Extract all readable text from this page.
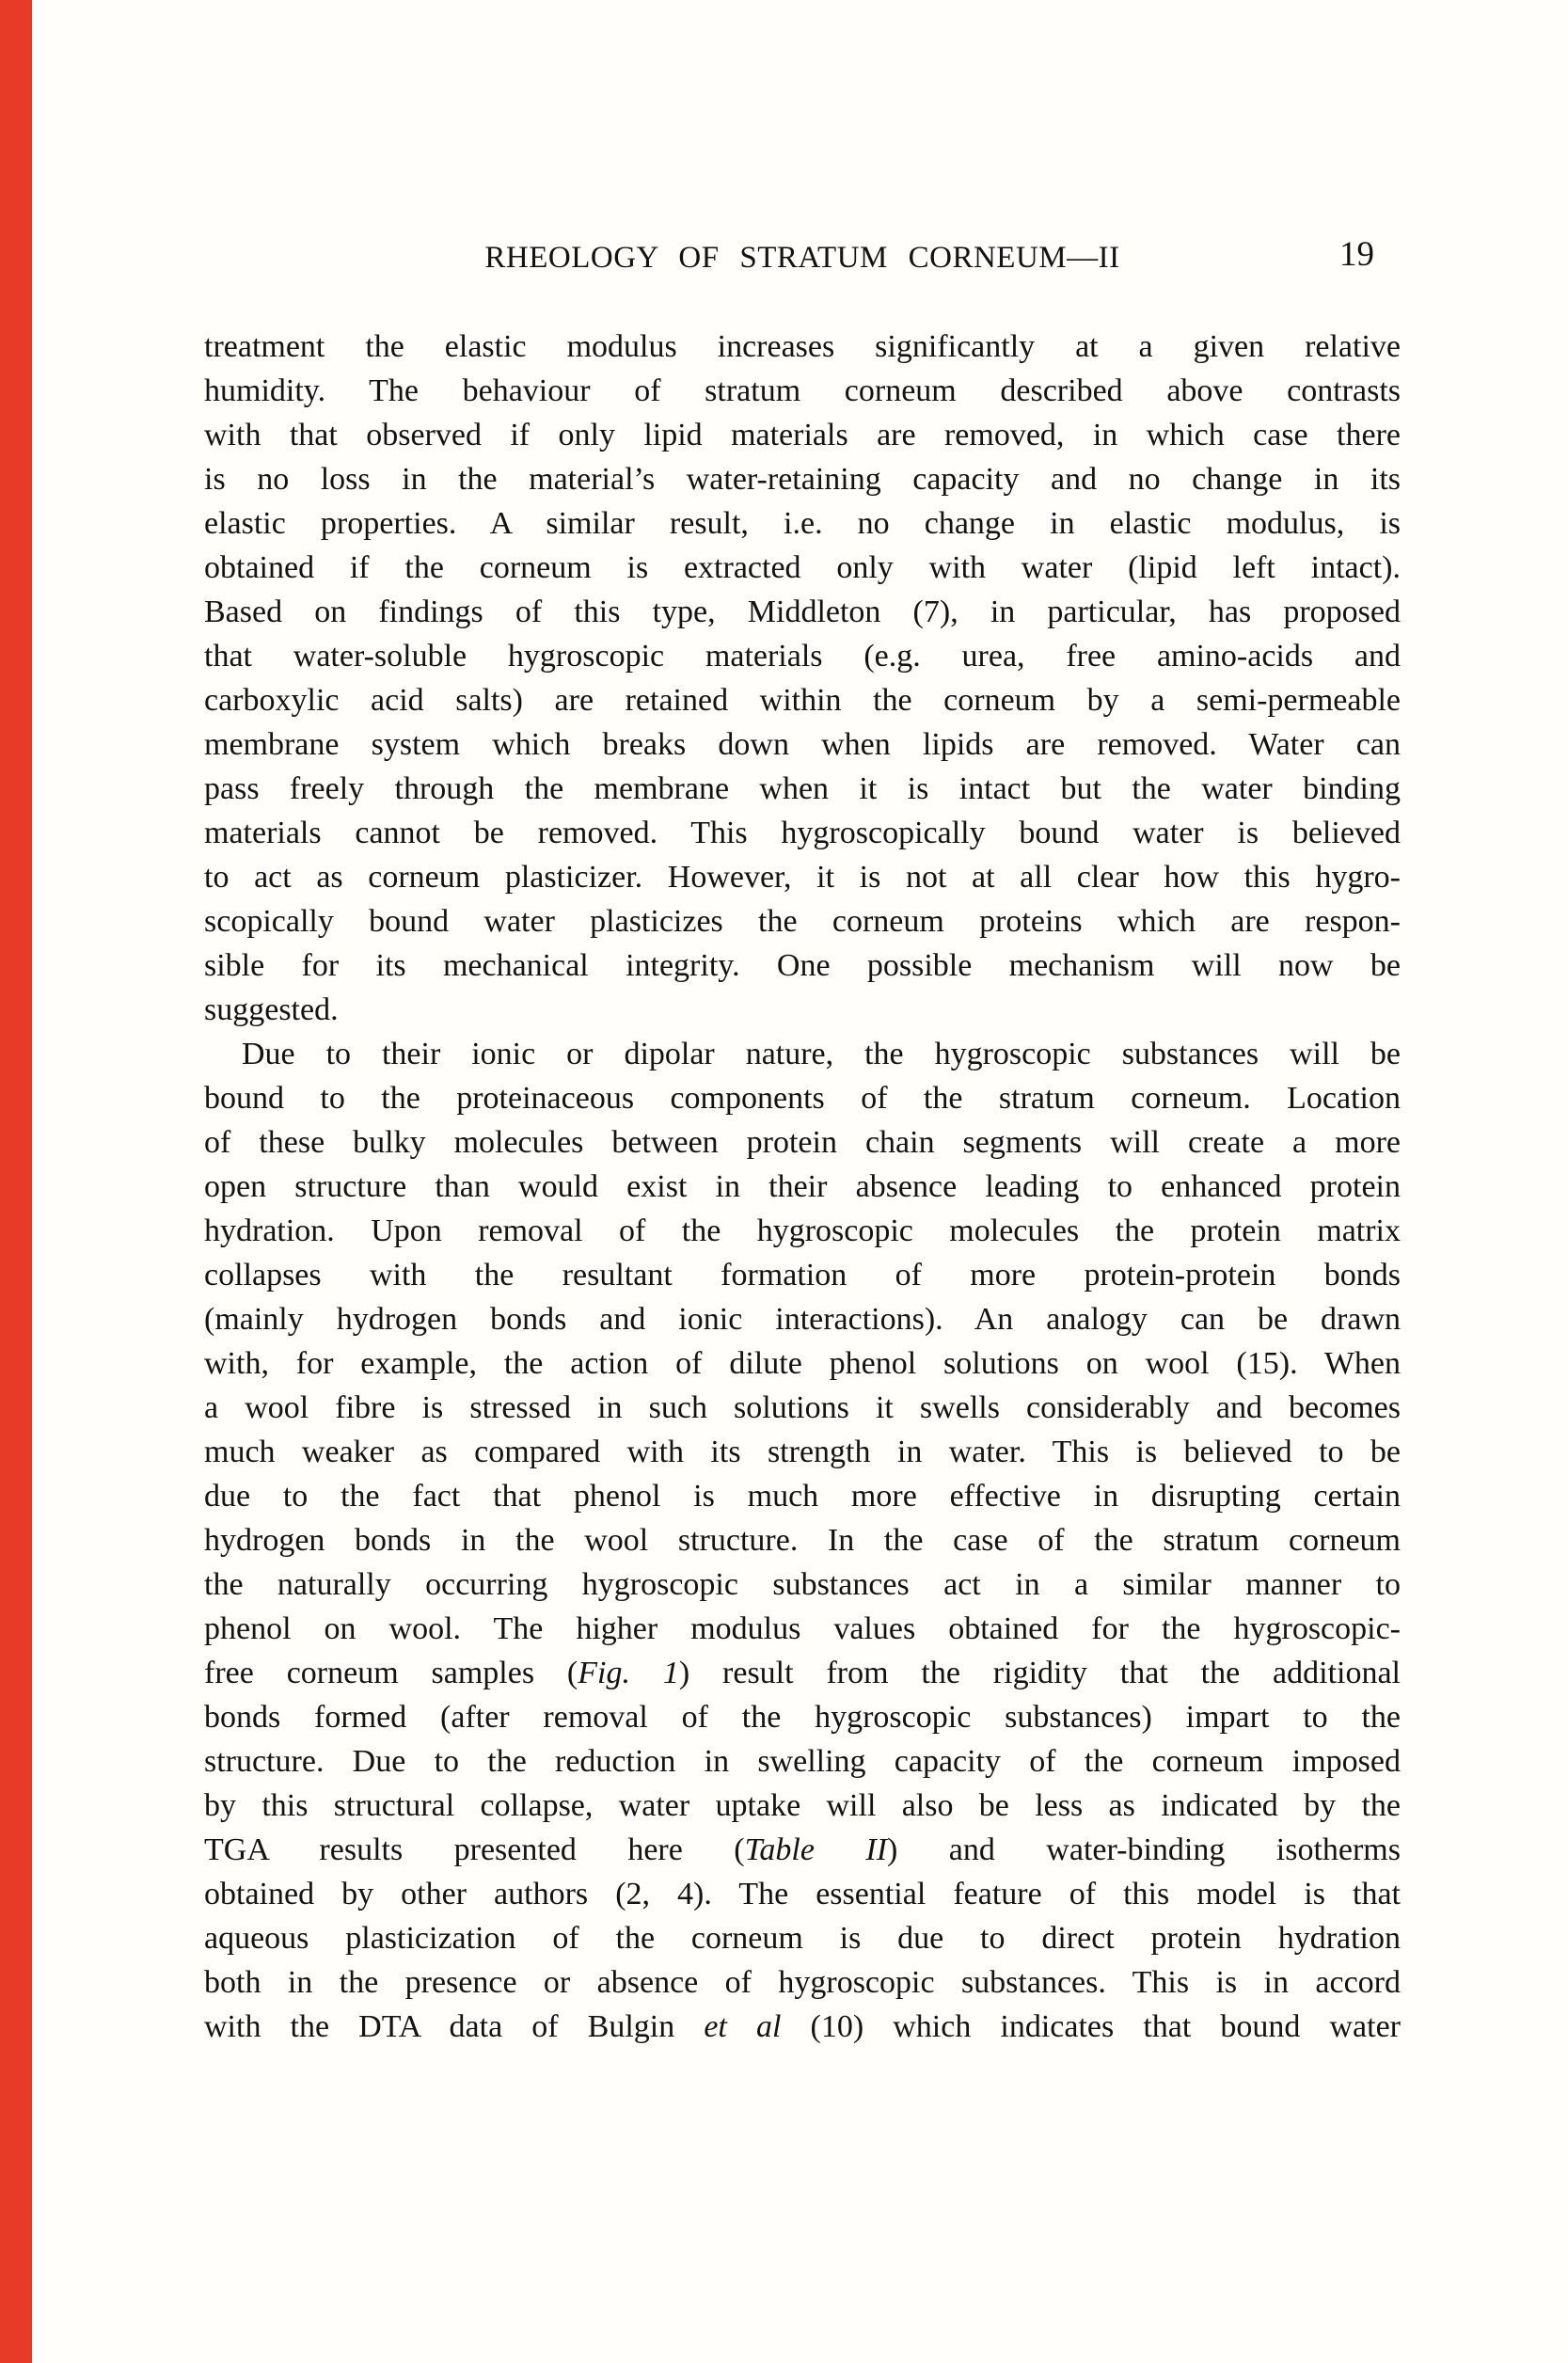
RHEOLOGY OF STRATUM CORNEUM—II	19
treatment the elastic modulus increases significantly at a given relative
humidity. The behaviour of stratum corneum described above contrasts
with that observed if only lipid materials are removed, in which case there
is no loss in the material’s water-retaining capacity and no change in its
elastic properties. A similar result, i.e. no change in elastic modulus, is
obtained if the corneum is extracted only with water (lipid left intact).
Based on findings of this type, Middleton (7), in particular, has proposed
that water-soluble hygroscopic materials (e.g. urea, free amino-acids and
carboxylic acid salts) are retained within the corneum by a semi-permeable
membrane system which breaks down when lipids are removed. Water can
pass freely through the membrane when it is intact but the water binding
materials cannot be removed. This hygroscopically bound water is believed
to act as corneum plasticizer. However, it is not at all clear how this hygro-
scopically bound water plasticizes the corneum proteins which are respon-
sible for its mechanical integrity. One possible mechanism will now be
suggested.
Due to their ionic or dipolar nature, the hygroscopic substances will be
bound to the proteinaceous components of the stratum corneum. Location
of these bulky molecules between protein chain segments will create a more
open structure than would exist in their absence leading to enhanced protein
hydration. Upon removal of the hygroscopic molecules the protein matrix
collapses with the resultant formation of more protein-protein bonds
(mainly hydrogen bonds and ionic interactions). An analogy can be drawn
with, for example, the action of dilute phenol solutions on wool (15). When
a wool fibre is stressed in such solutions it swells considerably and becomes
much weaker as compared with its strength in water. This is believed to be
due to the fact that phenol is much more effective in disrupting certain
hydrogen bonds in the wool structure. In the case of the stratum corneum
the naturally occurring hygroscopic substances act in a similar manner to
phenol on wool. The higher modulus values obtained for the hygroscopic-
free corneum samples (Fig. 1) result from the rigidity that the additional
bonds formed (after removal of the hygroscopic substances) impart to the
structure. Due to the reduction in swelling capacity of the corneum imposed
by this structural collapse, water uptake will also be less as indicated by the
TGA results presented here (Table II) and water-binding isotherms
obtained by other authors (2, 4). The essential feature of this model is that
aqueous plasticization of the corneum is due to direct protein hydration
both in the presence or absence of hygroscopic substances. This is in accord
with the DTA data of Bulgin et al (10) which indicates that bound water
